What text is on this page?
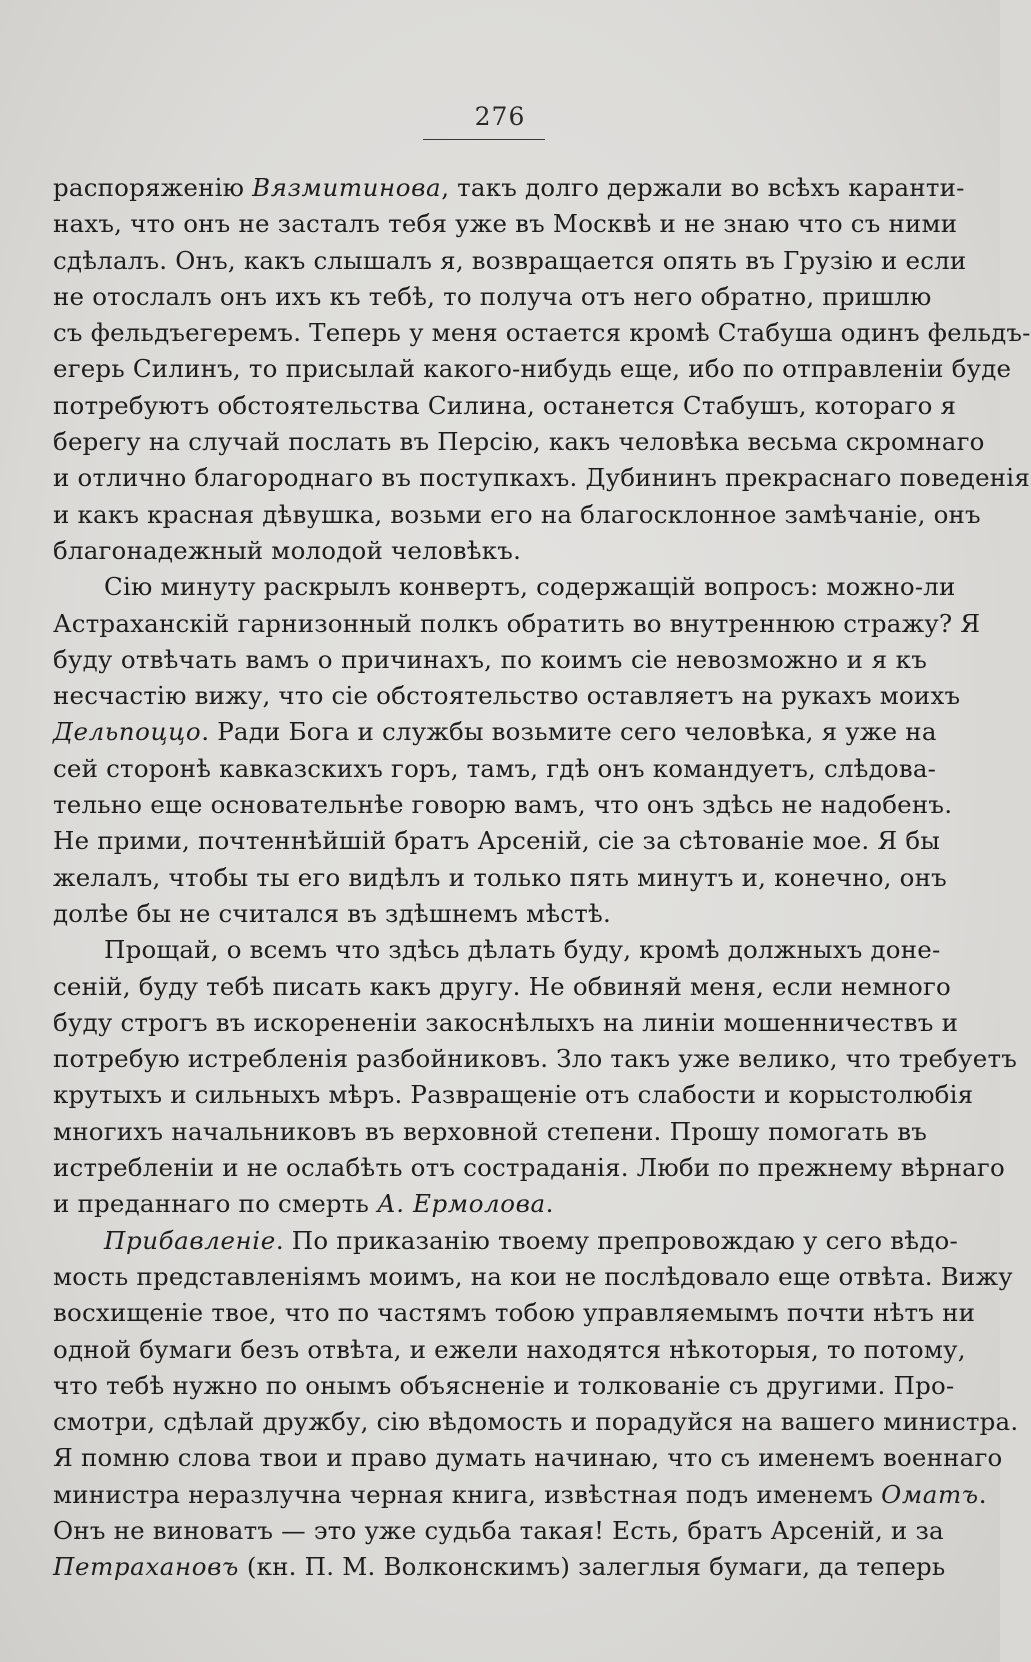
276
распоряженію Вязмитинова, такъ долго держали во всѣхъ каранти-
нахъ, что онъ не засталъ тебя уже въ Москвѣ и не знаю что съ ними
сдѣлалъ. Онъ, какъ слышалъ я, возвращается опять въ Грузію и если
не отослалъ онъ ихъ къ тебѣ, то получа отъ него обратно, пришлю
съ фельдъегеремъ. Теперь у меня остается кромѣ Стабуша одинъ фельдъ-
егерь Силинъ, то присылай какого-нибудь еще, ибо по отправленіи буде
потребуютъ обстоятельства Силина, останется Стабушъ, котораго я
берегу на случай послать въ Персію, какъ человѣка весьма скромнаго
и отлично благороднаго въ поступкахъ. Дубининъ прекраснаго поведенія
и какъ красная дѣвушка, возьми его на благосклонное замѣчаніе, онъ
благонадежный молодой человѣкъ.
Сію минуту раскрылъ конвертъ, содержащій вопросъ: можно-ли
Астраханскій гарнизонный полкъ обратить во внутреннюю стражу? Я
буду отвѣчать вамъ о причинахъ, по коимъ сіе невозможно и я къ
несчастію вижу, что сіе обстоятельство оставляетъ на рукахъ моихъ
Дельпоццо. Ради Бога и службы возьмите сего человѣка, я уже на
сей сторонѣ кавказскихъ горъ, тамъ, гдѣ онъ командуетъ, слѣдова-
тельно еще основательнѣе говорю вамъ, что онъ здѣсь не надобенъ.
Не прими, почтеннѣйшій братъ Арсеній, сіе за сѣтованіе мое. Я бы
желалъ, чтобы ты его видѣлъ и только пять минутъ и, конечно, онъ
долѣе бы не считался въ здѣшнемъ мѣстѣ.
Прощай, о всемъ что здѣсь дѣлать буду, кромѣ должныхъ доне-
сеній, буду тебѣ писать какъ другу. Не обвиняй меня, если немного
буду строгъ въ искорененіи закоснѣлыхъ на линіи мошенничествъ и
потребую истребленія разбойниковъ. Зло такъ уже велико, что требуетъ
крутыхъ и сильныхъ мѣръ. Развращеніе отъ слабости и корыстолюбія
многихъ начальниковъ въ верховной степени. Прошу помогать въ
истребленіи и не ослабѣть отъ состраданія. Люби по прежнему вѣрнаго
и преданнаго по смерть А. Ермолова.
Прибавленіе. По приказанію твоему препровождаю у сего вѣдо-
мость представленіямъ моимъ, на кои не послѣдовало еще отвѣта. Вижу
восхищеніе твое, что по частямъ тобою управляемымъ почти нѣтъ ни
одной бумаги безъ отвѣта, и ежели находятся нѣкоторыя, то потому,
что тебѣ нужно по онымъ объясненіе и толкованіе съ другими. Про-
смотри, сдѣлай дружбу, сію вѣдомость и порадуйся на вашего министра.
Я помню слова твои и право думать начинаю, что съ именемъ военнаго
министра неразлучна черная книга, извѣстная подъ именемъ Оматъ.
Онъ не виноватъ — это уже судьба такая! Есть, братъ Арсеній, и за
Петрахановъ (кн. П. М. Волконскимъ) залеглыя бумаги, да теперь
